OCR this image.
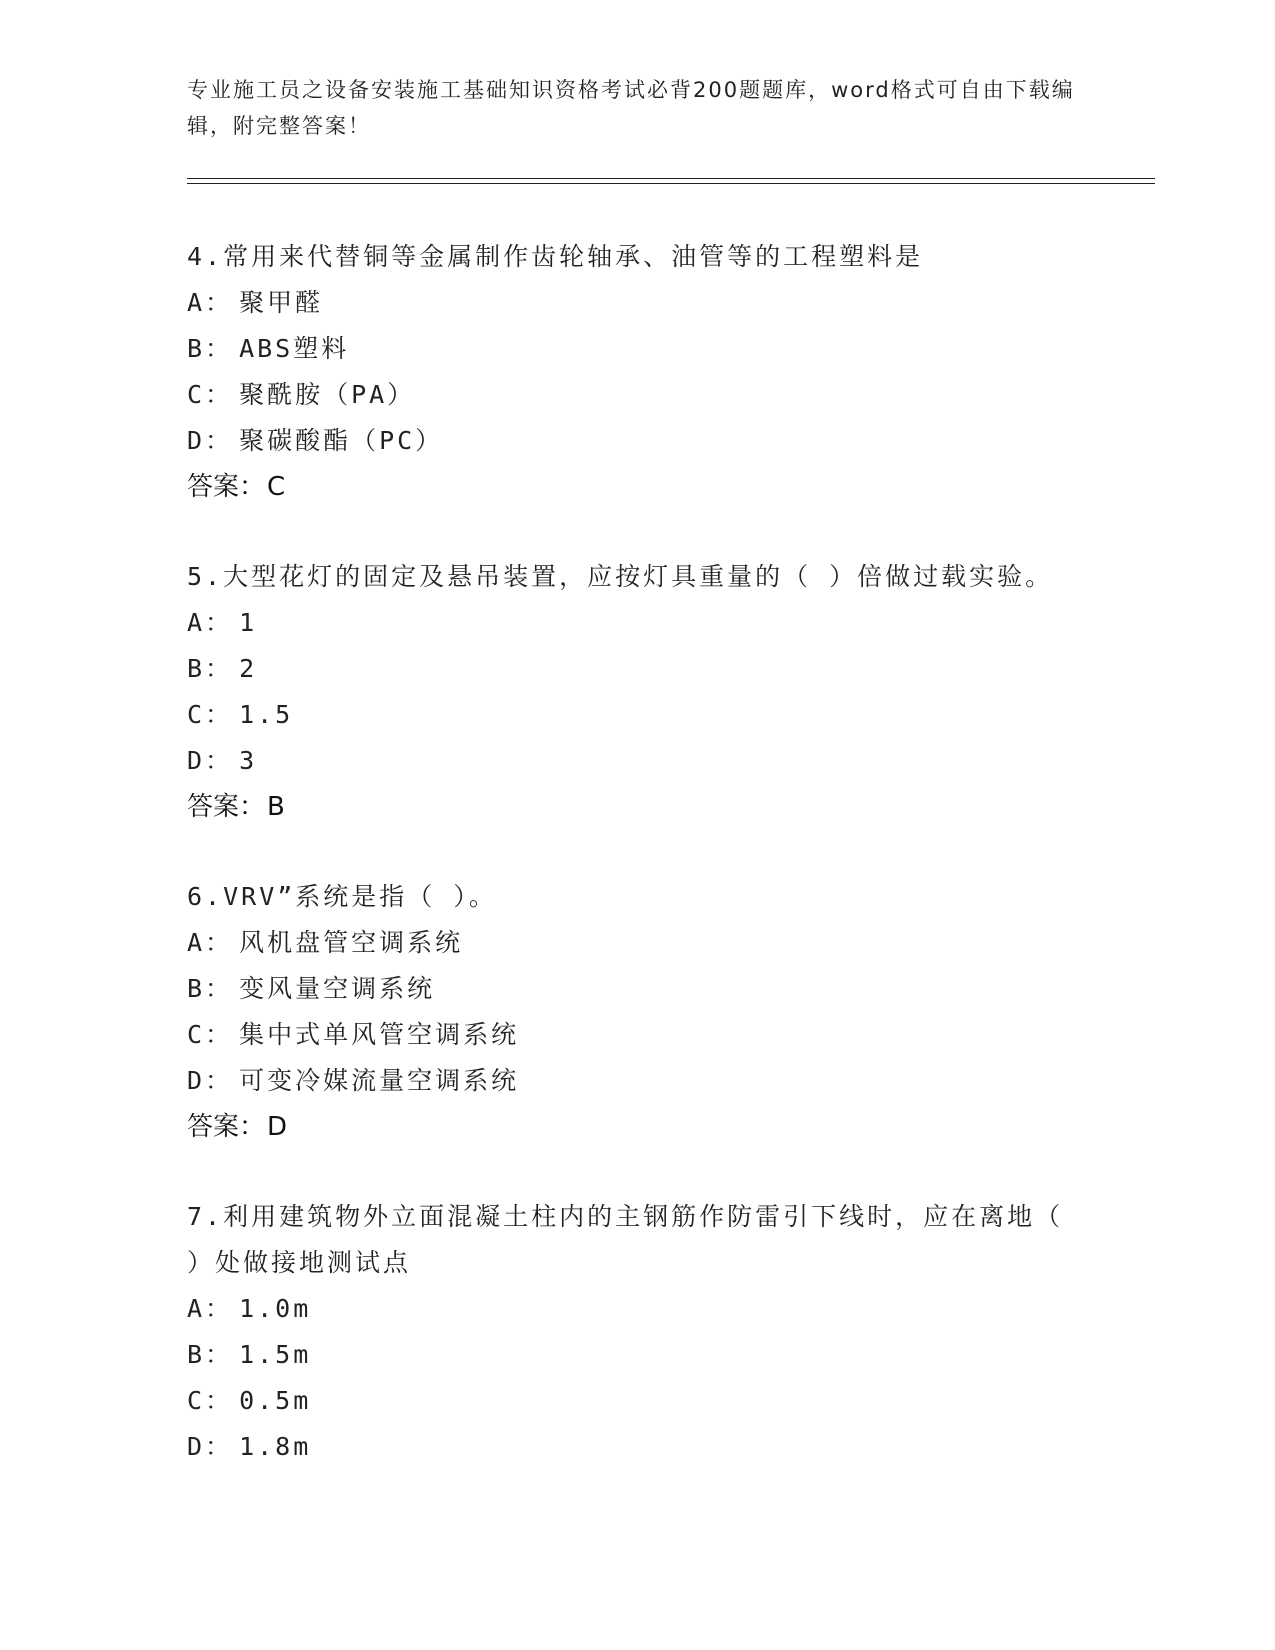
专业施工员之设备安装施工基础知识资格考试必背200题题库，word格式可自由下载编辑，附完整答案！

4.常用来代替铜等金属制作齿轮轴承、油管等的工程塑料是

A： 聚甲醛
B： ABS塑料
C： 聚酰胺（PA）
D： 聚碳酸酯（PC）
答案：C

5.大型花灯的固定及悬吊装置，应按灯具重量的（ ）倍做过载实验。

A： 1
B： 2
C： 1.5
D： 3
答案：B

6.VRV”系统是指（ ）。

A： 风机盘管空调系统
B： 变风量空调系统
C： 集中式单风管空调系统
D： 可变冷媒流量空调系统
答案：D

7.利用建筑物外立面混凝土柱内的主钢筋作防雷引下线时，应在离地（ ）处做接地测试点

A： 1.0m
B： 1.5m
C： 0.5m
D： 1.8m
